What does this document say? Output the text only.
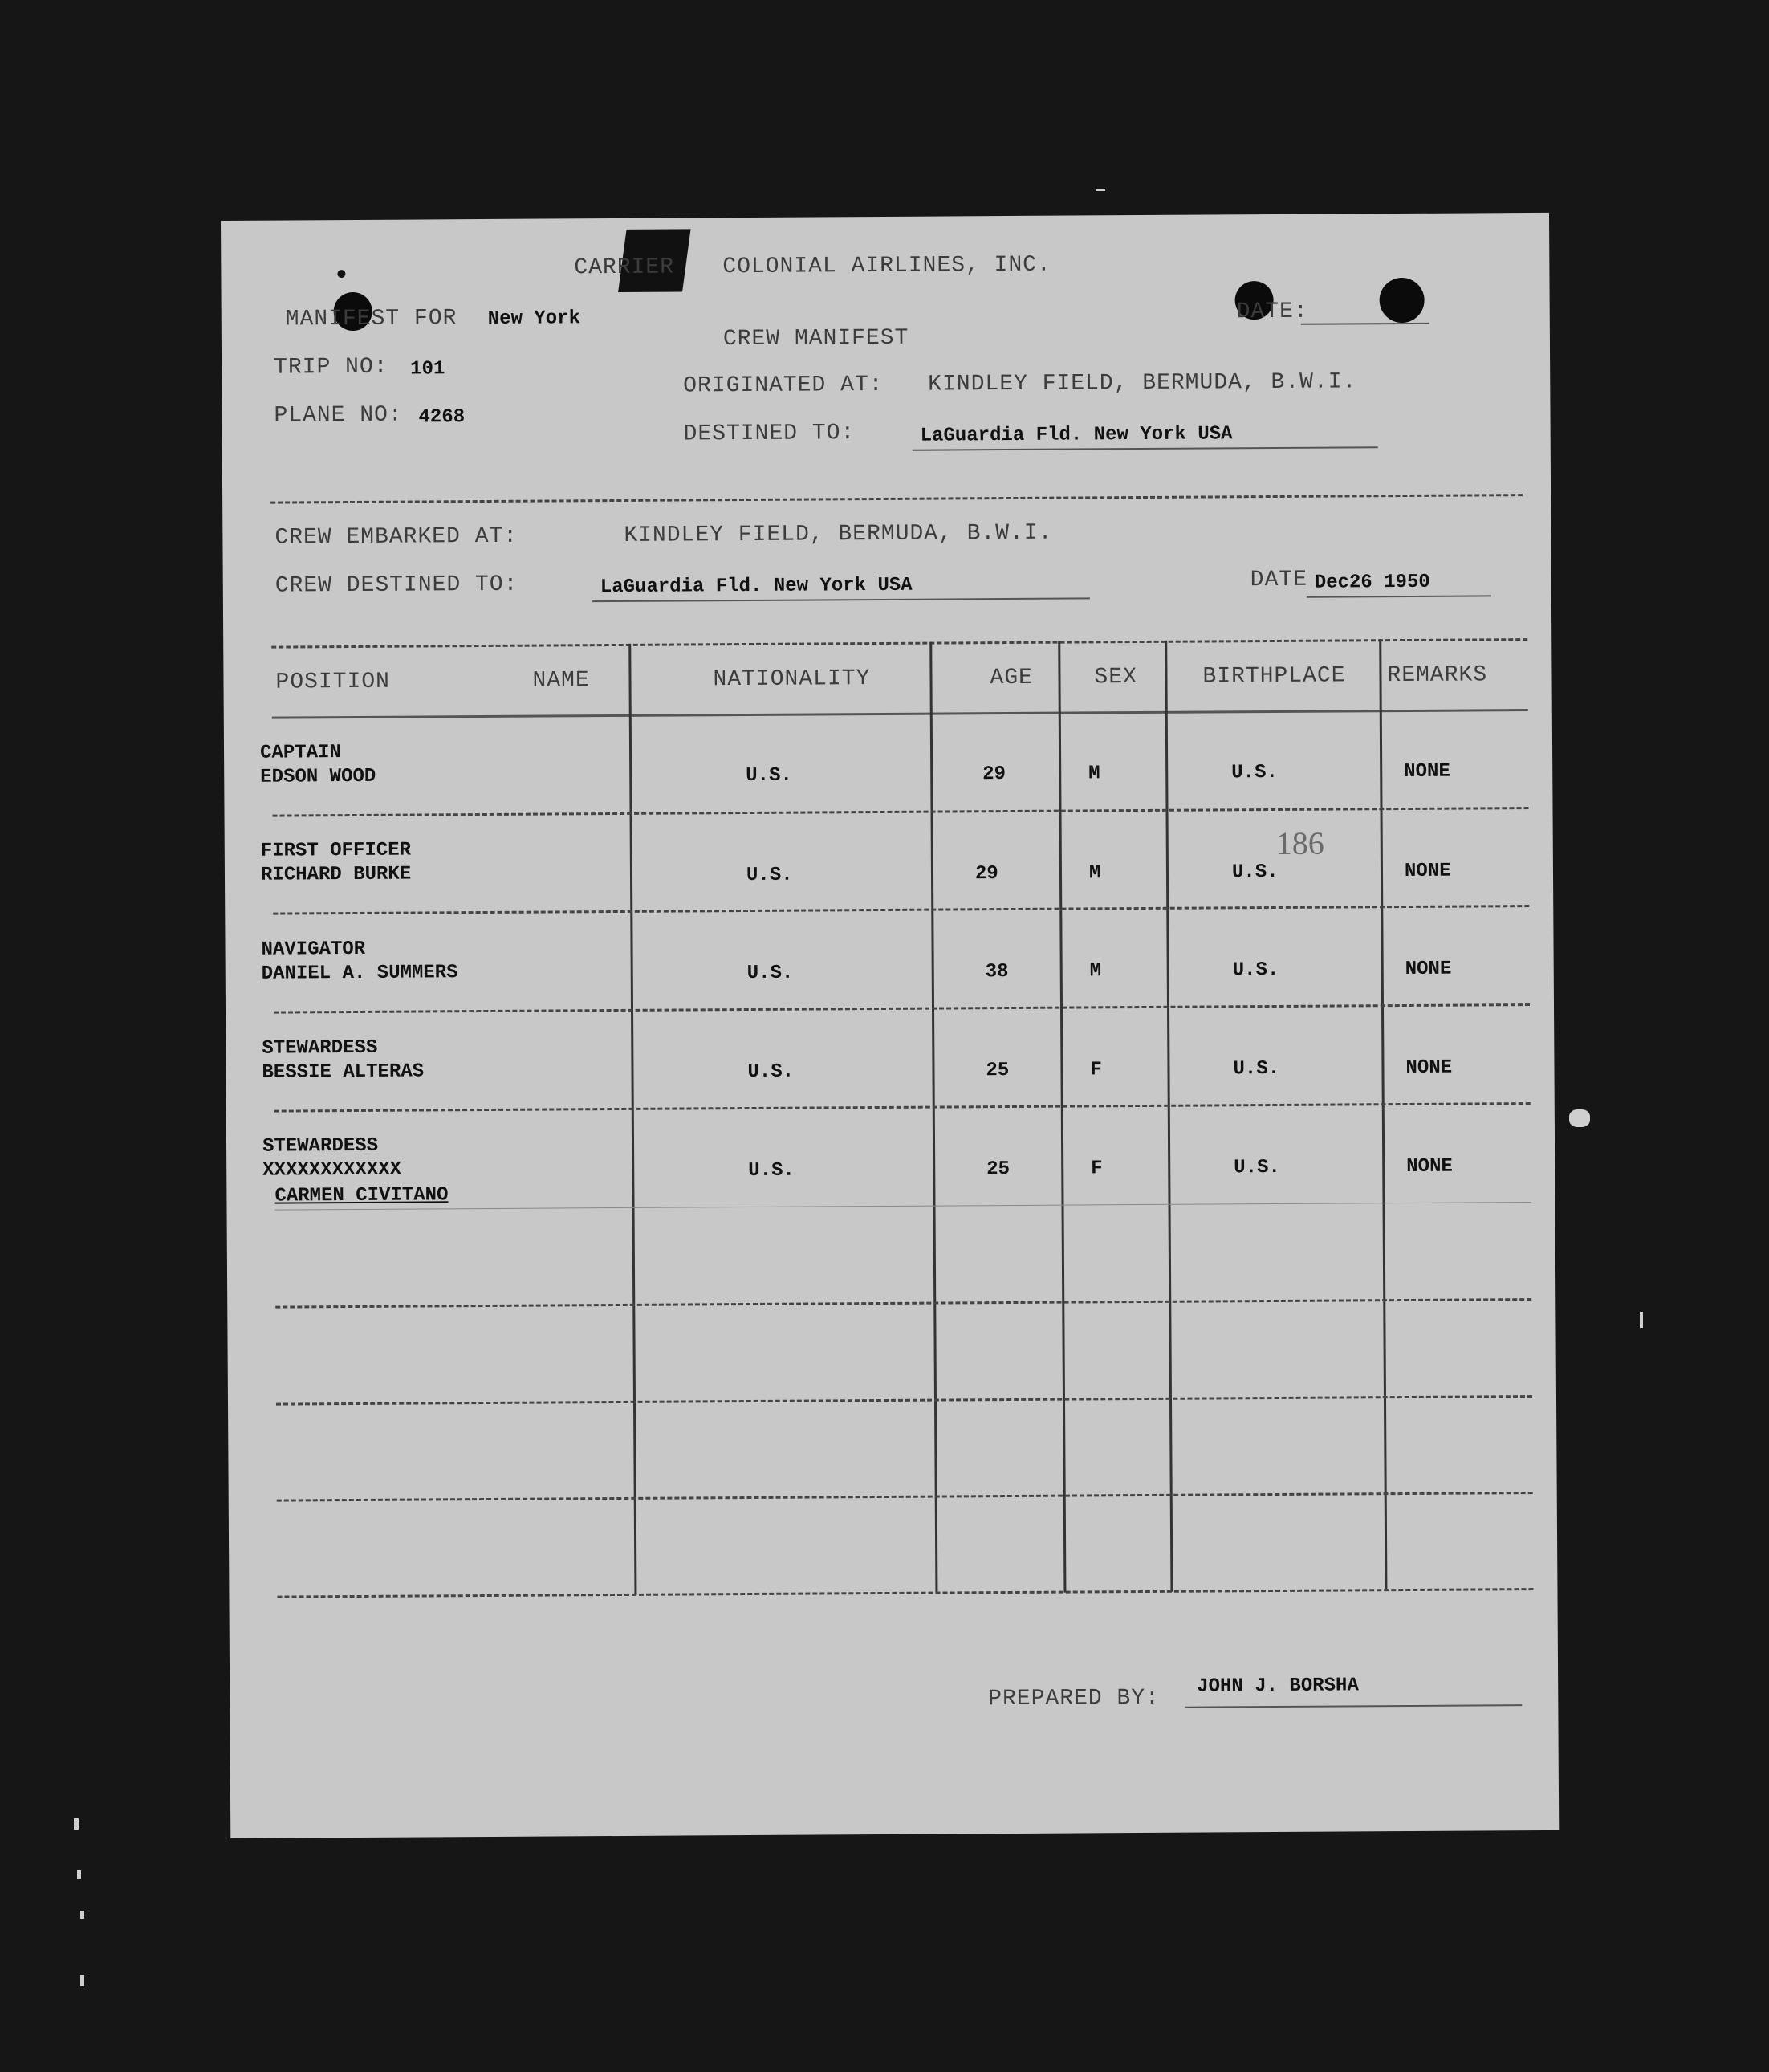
CARRIER COLONIAL AIRLINES, INC.
MANIFEST FOR New York
CREW MANIFEST
DATE:
TRIP NO: 101
PLANE NO: 4268
ORIGINATED AT: KINDLEY FIELD, BERMUDA, B.W.I.
DESTINED TO:	LaGuardia Fld. New York USA
CREW EMBARKED AT:	KINDLEY FIELD, BERMUDA, B.W.I.
CREW DESTINED TO:	LaGuardia Fld. New York USA	DATE Dec26 1950
POSITION	NAME	NATIONALITY	AGE	SEX	BIRTHPLACE REMARKS
CAPTAIN
EDSON WOOD	U.S.	29	M	U.S.	NONE
FIRST OFFICER
RICHARD BURKE	U.S.	29	M	U.S.	NONE
186
NAVIGATOR
DANIEL A. SUMMERS	U.S.	38	M	U.S.	NONE
STEWARDESS
BESSIE ALTERAS	U.S.	25	F	U.S.	NONE
STEWARDESS
XXXXXXXXXXXX
CARMEN CIVITANO
U.S.	25	F	U.S.	NONE
PREPARED BY: JOHN J. BORSHA
